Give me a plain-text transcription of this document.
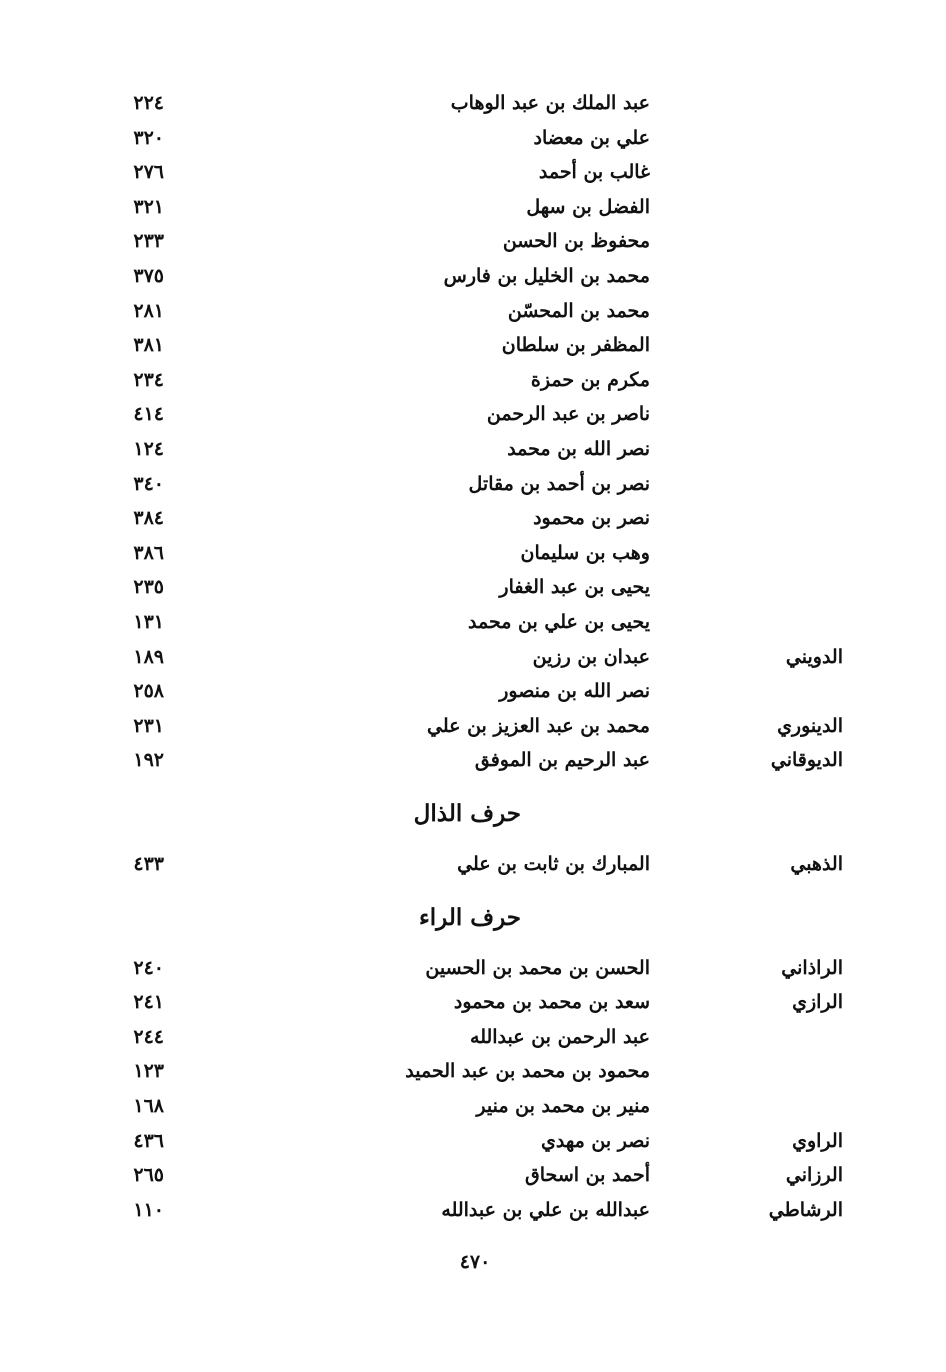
عبد الملك بن عبد الوهاب
٢٢٤
علي بن معضاد
٣٢٠
غالب بن أحمد
٢٧٦
الفضل بن سهل
٣٢١
محفوظ بن الحسن
٢٣٣
محمد بن الخليل بن فارس
٣٧٥
محمد بن المحسّن
٢٨١
المظفر بن سلطان
٣٨١
مكرم بن حمزة
٢٣٤
ناصر بن عبد الرحمن
٤١٤
نصر الله بن محمد
١٢٤
نصر بن أحمد بن مقاتل
٣٤٠
نصر بن محمود
٣٨٤
وهب بن سليمان
٣٨٦
يحيى بن عبد الغفار
٢٣٥
يحيى بن علي بن محمد
١٣١
الدويني
عبدان بن رزين
١٨٩
نصر الله بن منصور
٢٥٨
الدينوري
محمد بن عبد العزيز بن علي
٢٣١
الديوقاني
عبد الرحيم بن الموفق
١٩٢
حرف الذال
الذهبي
المبارك بن ثابت بن علي
٤٣٣
حرف الراء
الراذاني
الحسن بن محمد بن الحسين
٢٤٠
الرازي
سعد بن محمد بن محمود
٢٤١
عبد الرحمن بن عبدالله
٢٤٤
محمود بن محمد بن عبد الحميد
١٢٣
منير بن محمد بن منير
١٦٨
الراوي
نصر بن مهدي
٤٣٦
الرزاني
أحمد بن اسحاق
٢٦٥
الرشاطي
عبدالله بن علي بن عبدالله
١١٠
٤٧٠
